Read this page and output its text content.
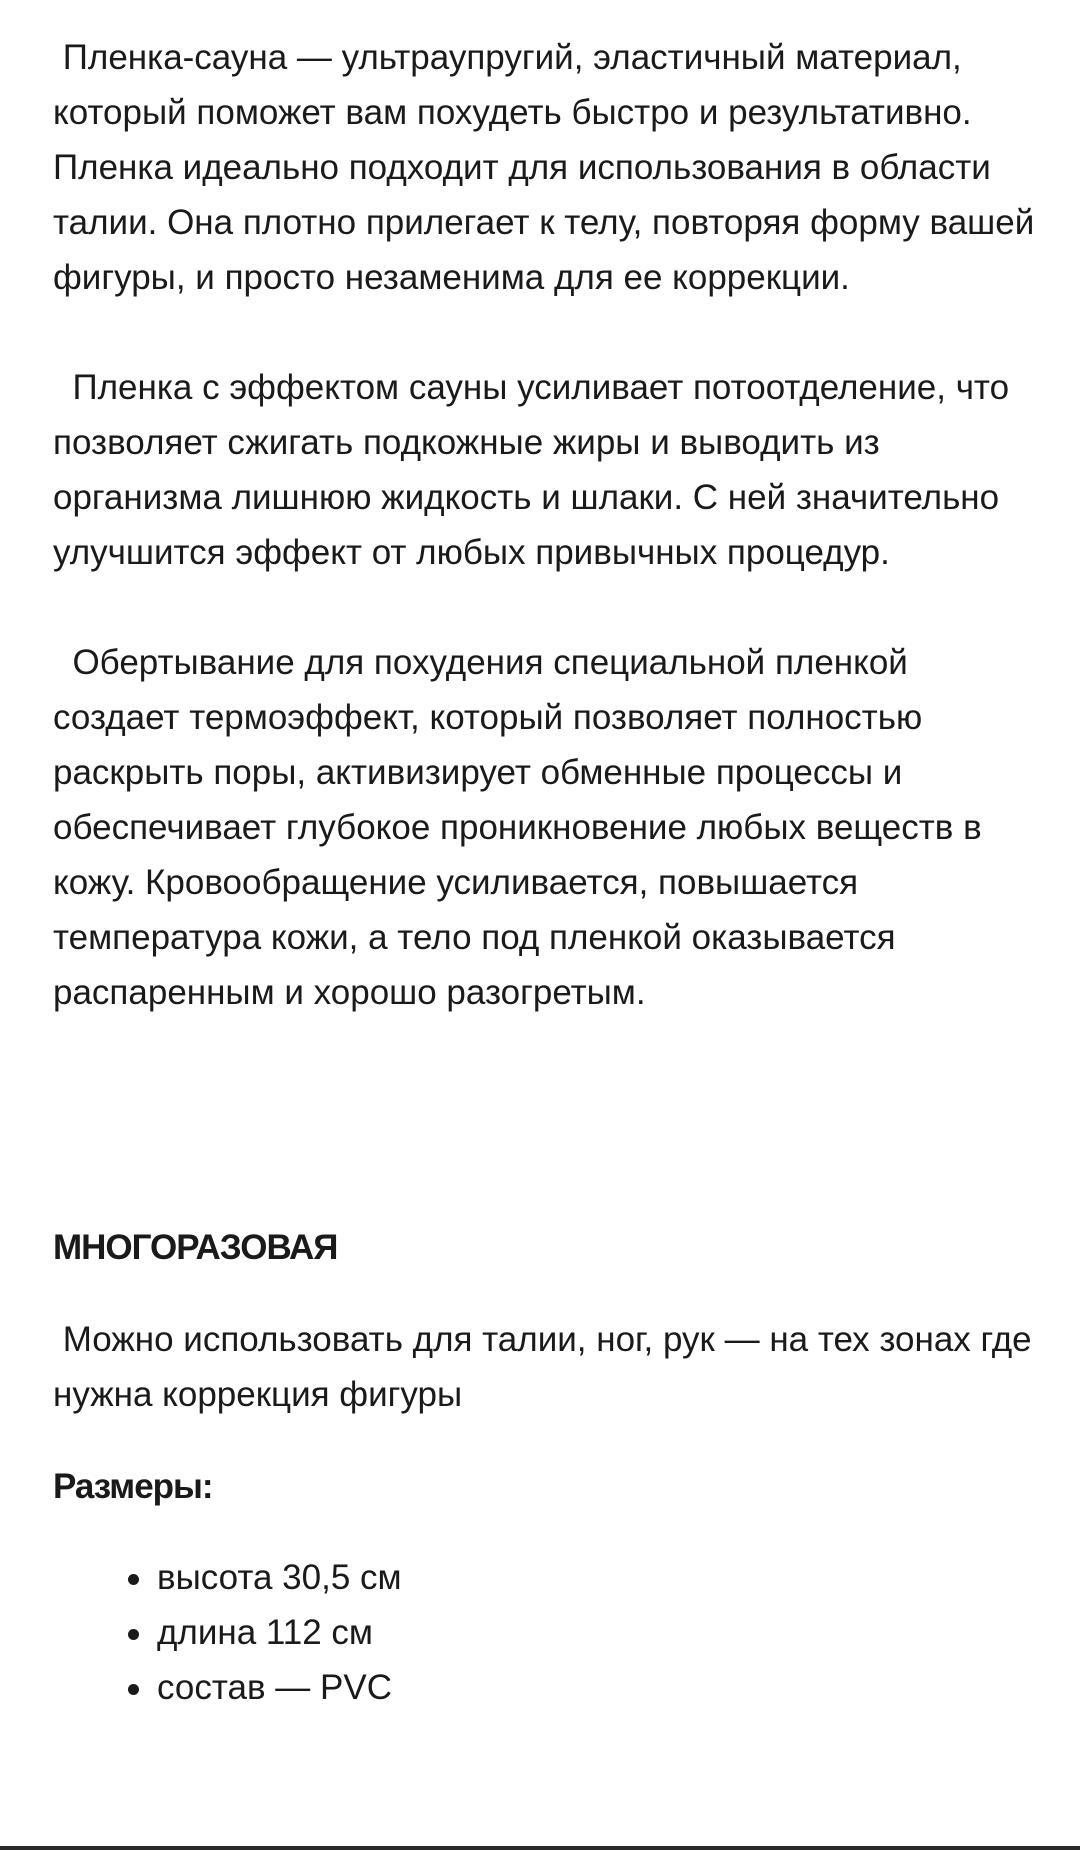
Пленка-сауна — ультраупругий, эластичный материал, который поможет вам похудеть быстро и результативно. Пленка идеально подходит для использования в области талии. Она плотно прилегает к телу, повторяя форму вашей фигуры, и просто незаменима для ее коррекции.

Пленка с эффектом сауны усиливает потоотделение, что позволяет сжигать подкожные жиры и выводить из организма лишнюю жидкость и шлаки. С ней значительно улучшится эффект от любых привычных процедур.

Обертывание для похудения специальной пленкой создает термоэффект, который позволяет полностью раскрыть поры, активизирует обменные процессы и обеспечивает глубокое проникновение любых веществ в кожу. Кровообращение усиливается, повышается температура кожи, а тело под пленкой оказывается распаренным и хорошо разогретым.

МНОГОРАЗОВАЯ

Можно использовать для талии, ног, рук — на тех зонах где нужна коррекция фигуры

Размеры:
высота 30,5 см
длина 112 см
состав — PVC
